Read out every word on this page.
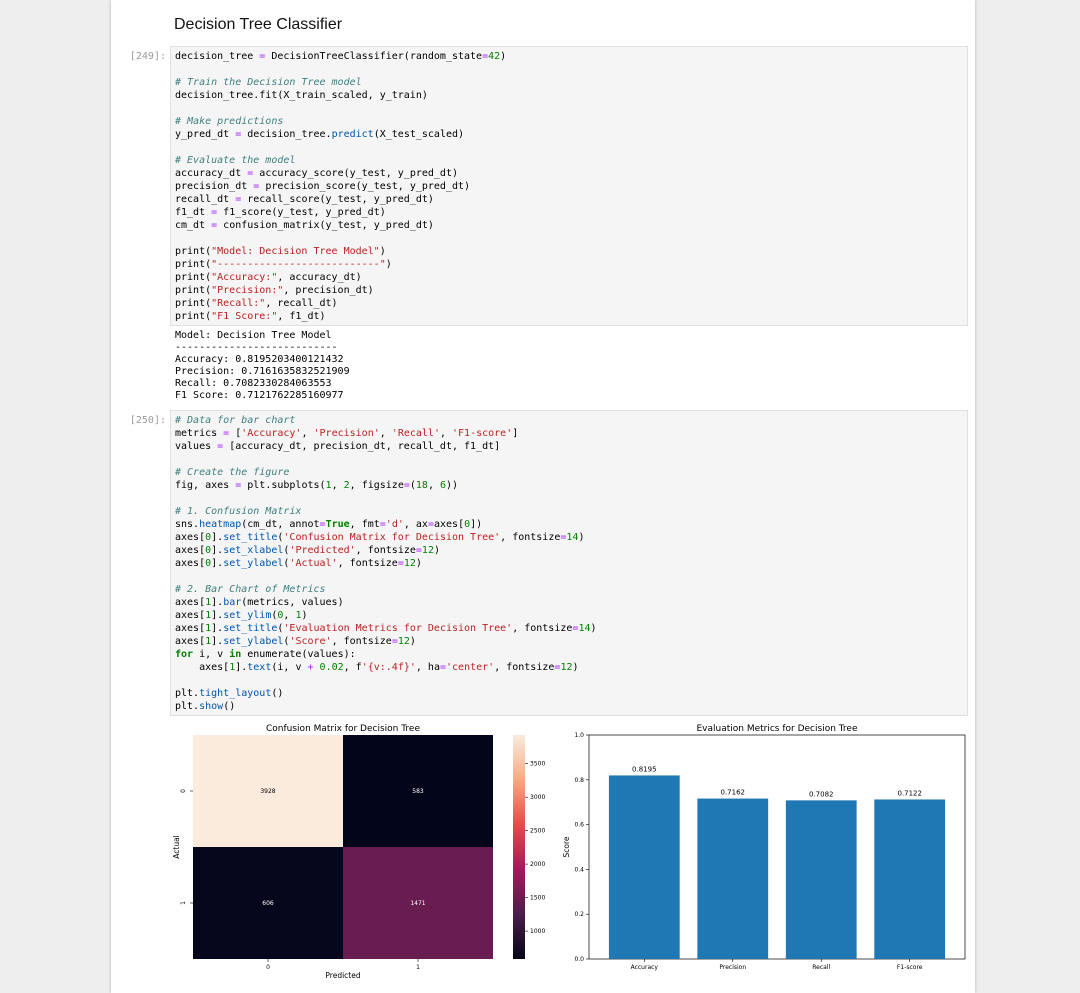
Decision Tree Classifier
[249]: decision_tree = DecisionTreeClassifier(random_state=42)

# Train the Decision Tree model
decision_tree.fit(X_train_scaled, y_train)

# Make predictions
y_pred_dt = decision_tree.predict(X_test_scaled)

# Evaluate the model
accuracy_dt = accuracy_score(y_test, y_pred_dt)
precision_dt = precision_score(y_test, y_pred_dt)
recall_dt = recall_score(y_test, y_pred_dt)
f1_dt = f1_score(y_test, y_pred_dt)
cm_dt = confusion_matrix(y_test, y_pred_dt)

print("Model: Decision Tree Model")
print("---------------------------")
print("Accuracy:", accuracy_dt)
print("Precision:", precision_dt)
print("Recall:", recall_dt)
print("F1 Score:", f1_dt)
Model: Decision Tree Model
---------------------------
Accuracy: 0.8195203400121432
Precision: 0.7161635832521909
Recall: 0.7082330284063553
F1 Score: 0.7121762285160977
[250]: # Data for bar chart
metrics = ['Accuracy', 'Precision', 'Recall', 'F1-score']
values = [accuracy_dt, precision_dt, recall_dt, f1_dt]

# Create the figure
fig, axes = plt.subplots(1, 2, figsize=(18, 6))

# 1. Confusion Matrix
sns.heatmap(cm_dt, annot=True, fmt='d', ax=axes[0])
axes[0].set_title('Confusion Matrix for Decision Tree', fontsize=14)
axes[0].set_xlabel('Predicted', fontsize=12)
axes[0].set_ylabel('Actual', fontsize=12)

# 2. Bar Chart of Metrics
axes[1].bar(metrics, values)
axes[1].set_ylim(0, 1)
axes[1].set_title('Evaluation Metrics for Decision Tree', fontsize=14)
axes[1].set_ylabel('Score', fontsize=12)
for i, v in enumerate(values):
axes[1].text(i, v + 0.02, f'{v:.4f}', ha='center', fontsize=12)

plt.tight_layout()
plt.show()
Confusion Matrix for Decision Tree
3928	583
606	1471
0	1
0
1
Predicted
Actual
1000
1500
2000
2500
3000
3500
Evaluation Metrics for Decision Tree
0.8195
Accuracy
0.7162
Precision
0.7082
Recall
0.7122
F1-score
0.0
0.2
0.4
0.6
0.8
1.0
Score
